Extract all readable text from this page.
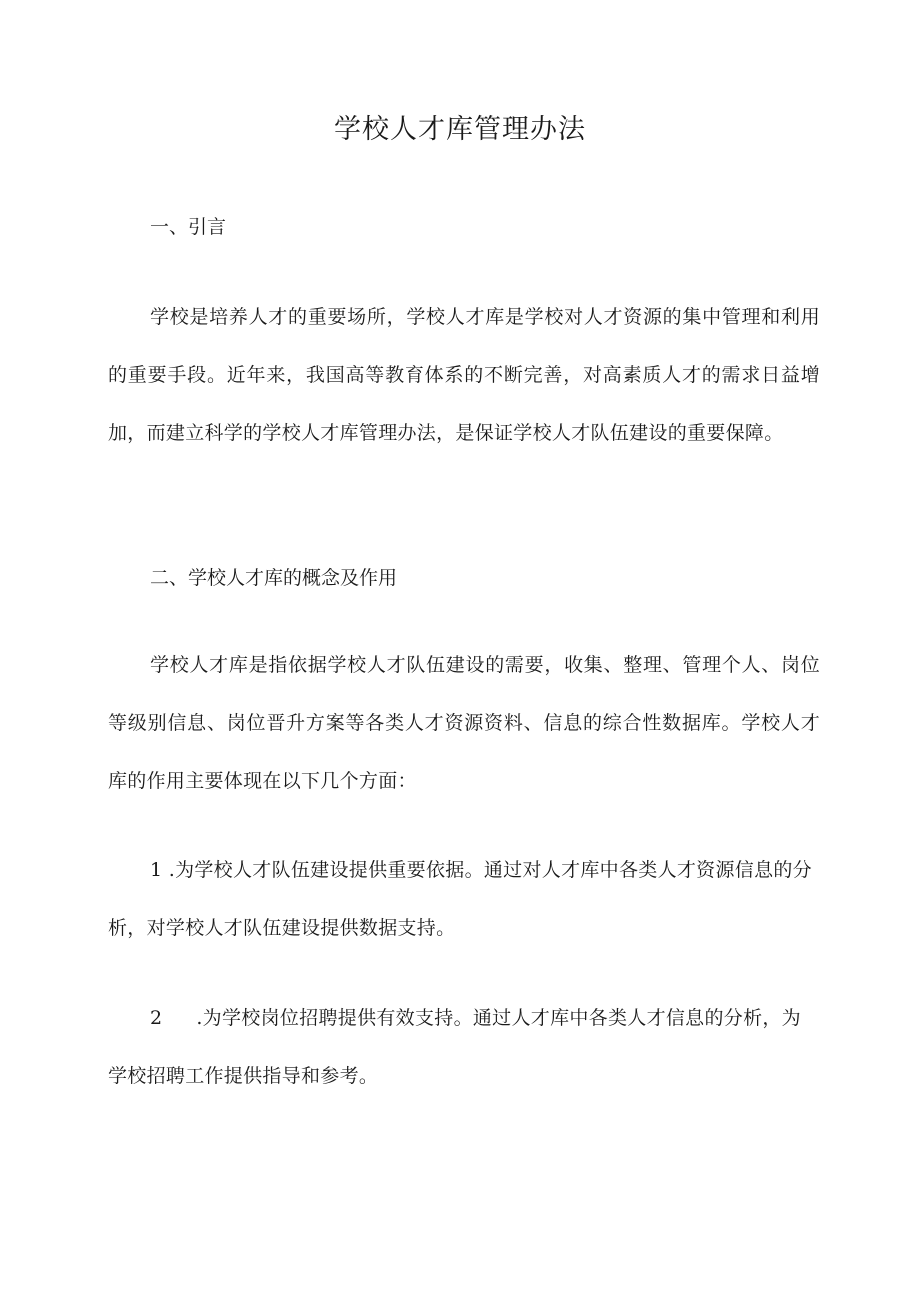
学校人才库管理办法
一、引言

学校是培养人才的重要场所，学校人才库是学校对人才资源的集中管理和利用的重要手段。近年来，我国高等教育体系的不断完善，对高素质人才的需求日益增加，而建立科学的学校人才库管理办法，是保证学校人才队伍建设的重要保障。

二、学校人才库的概念及作用

学校人才库是指依据学校人才队伍建设的需要，收集、整理、管理个人、岗位等级别信息、岗位晋升方案等各类人才资源资料、信息的综合性数据库。学校人才库的作用主要体现在以下几个方面：

1 .为学校人才队伍建设提供重要依据。通过对人才库中各类人才资源信息的分析，对学校人才队伍建设提供数据支持。

2 .为学校岗位招聘提供有效支持。通过人才库中各类人才信息的分析，为学校招聘工作提供指导和参考。
